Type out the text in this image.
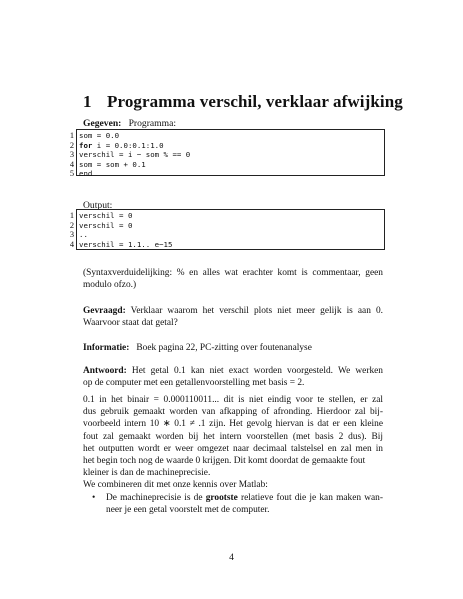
1 Programma verschil, verklaar afwijking
Gegeven: Programma:
1 som = 0.0
2 for i = 0.0:0.1:1.0
3 verschil = i − som % == 0
4 som = som + 0.1
5 end
Output:
1 verschil = 0
2 verschil = 0
3 ..
4 verschil = 1.1.. e−15
(Syntaxverduidelijking: % en alles wat erachter komt is commentaar, geen
modulo ofzo.)
Gevraagd: Verklaar waarom het verschil plots niet meer gelijk is aan 0.
Waarvoor staat dat getal?
Informatie: Boek pagina 22, PC-zitting over foutenanalyse
Antwoord: Het getal 0.1 kan niet exact worden voorgesteld. We werken
op de computer met een getallenvoorstelling met basis = 2.
0.1 in het binair = 0.000110011... dit is niet eindig voor te stellen, er zal
dus gebruik gemaakt worden van afkapping of afronding. Hierdoor zal bij-
voorbeeld intern 10 ∗ 0.1 ≠ .1 zijn. Het gevolg hiervan is dat er een kleine
fout zal gemaakt worden bij het intern voorstellen (met basis 2 dus). Bij
het outputten wordt er weer omgezet naar decimaal talstelsel en zal men in
het begin toch nog de waarde 0 krijgen. Dit komt doordat de gemaakte fout
kleiner is dan de machineprecisie.
We combineren dit met onze kennis over Matlab:
• De machineprecisie is de grootste relatieve fout die je kan maken wan-
neer je een getal voorstelt met de computer.
4
